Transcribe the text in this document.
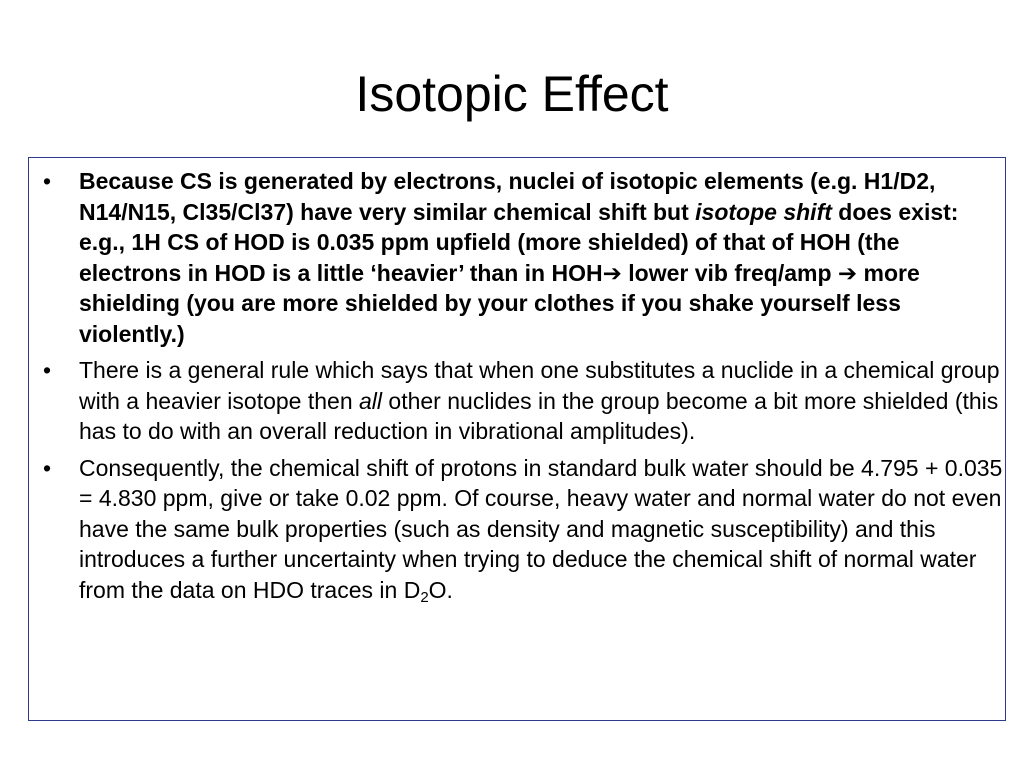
Isotopic Effect
• Because CS is generated by electrons, nuclei of isotopic elements (e.g. H1/D2, N14/N15, Cl35/Cl37) have very similar chemical shift but isotope shift does exist: e.g., 1H CS of HOD is 0.035 ppm upfield (more shielded) of that of HOH (the electrons in HOD is a little ‘heavier’ than in HOH➔ lower vib freq/amp ➔ more shielding (you are more shielded by your clothes if you shake yourself less violently.)
• There is a general rule which says that when one substitutes a nuclide in a chemical group with a heavier isotope then all other nuclides in the group become a bit more shielded (this has to do with an overall reduction in vibrational amplitudes).
• Consequently, the chemical shift of protons in standard bulk water should be 4.795 + 0.035 = 4.830 ppm, give or take 0.02 ppm. Of course, heavy water and normal water do not even have the same bulk properties (such as density and magnetic susceptibility) and this introduces a further uncertainty when trying to deduce the chemical shift of normal water from the data on HDO traces in $D_2O$.
